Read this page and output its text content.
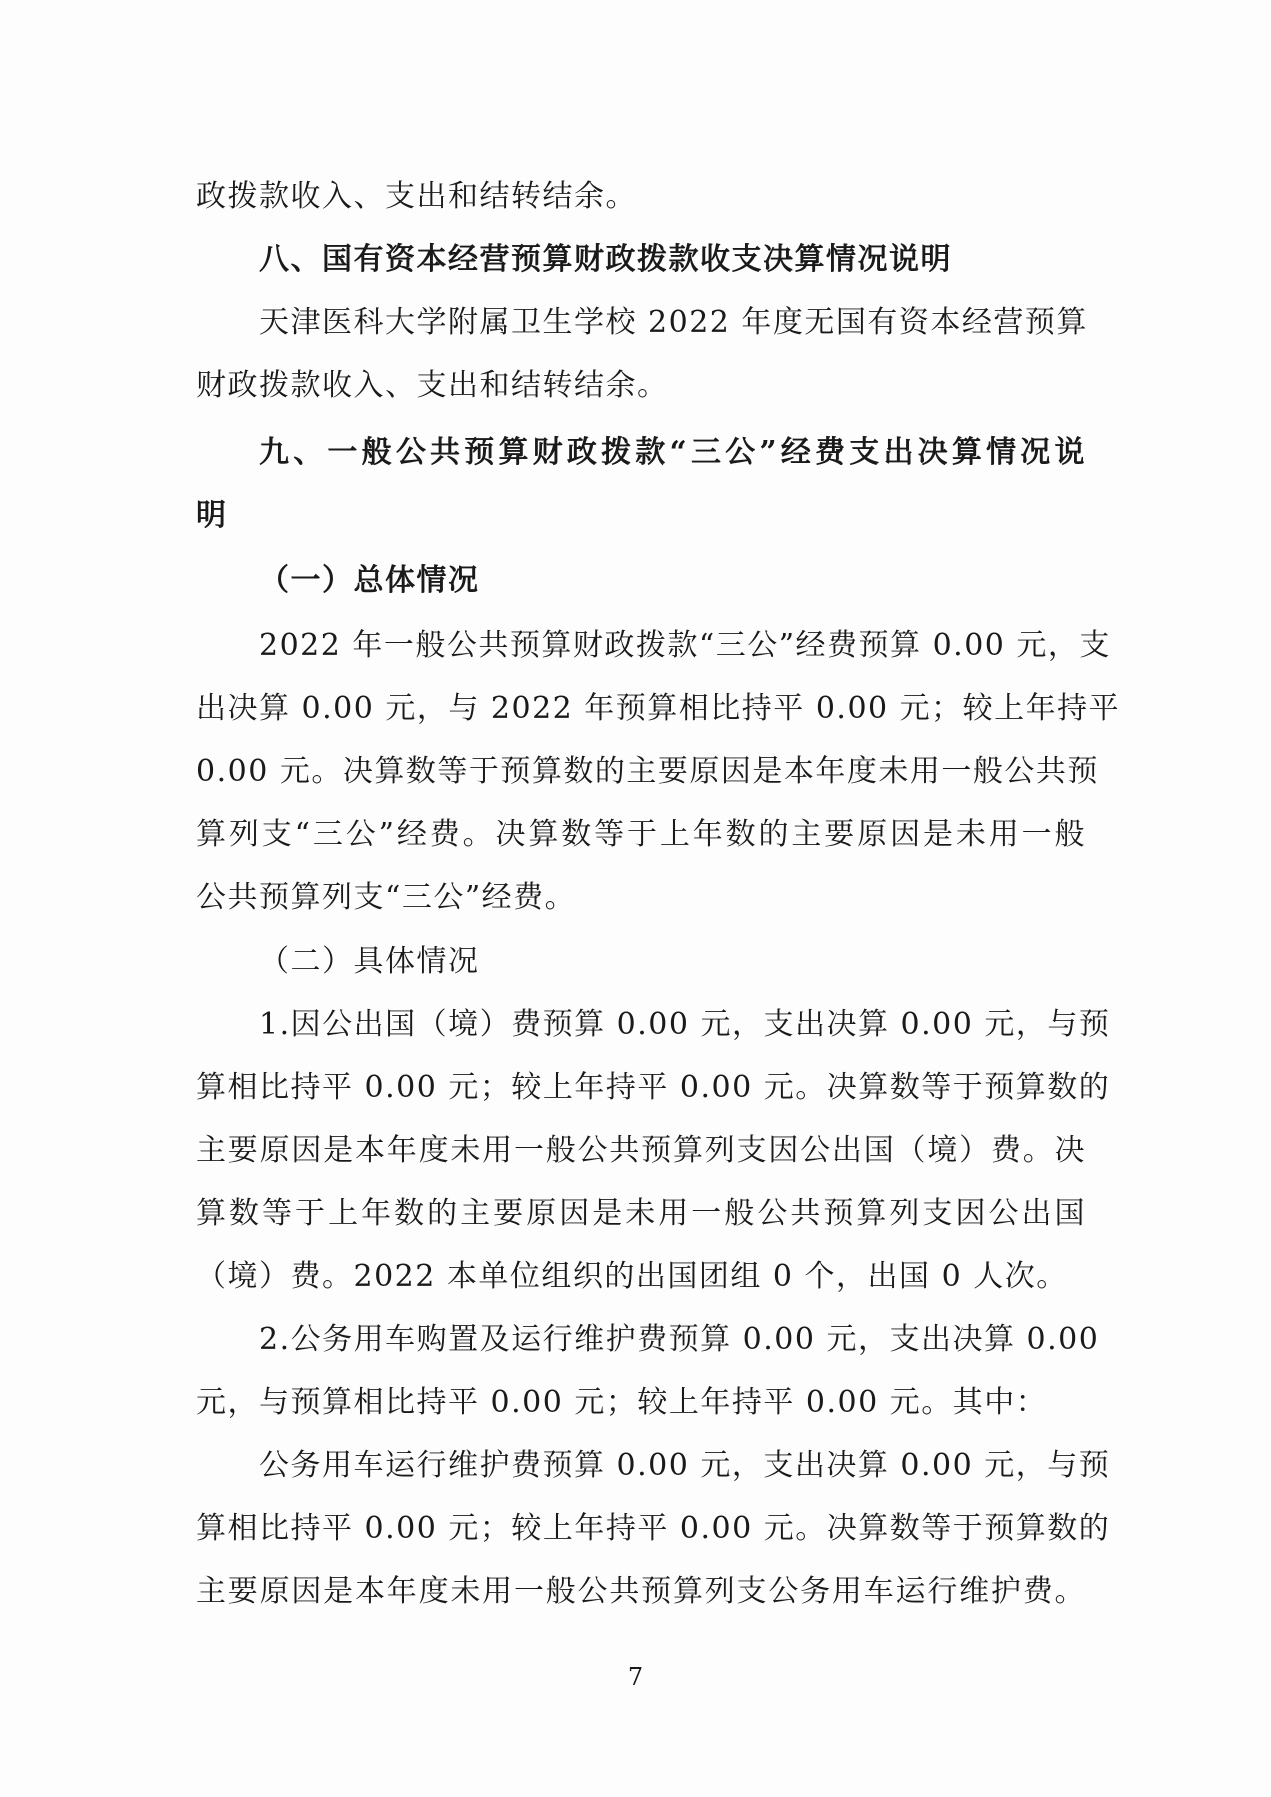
政拨款收入、支出和结转结余。
八、国有资本经营预算财政拨款收支决算情况说明
天津医科大学附属卫生学校 2022 年度无国有资本经营预算
财政拨款收入、支出和结转结余。
九、一般公共预算财政拨款“三公”经费支出决算情况说
明
（一）总体情况
2022 年一般公共预算财政拨款“三公”经费预算 0.00 元，支
出决算 0.00 元，与 2022 年预算相比持平 0.00 元；较上年持平
0.00 元。决算数等于预算数的主要原因是本年度未用一般公共预
算列支“三公”经费。决算数等于上年数的主要原因是未用一般
公共预算列支“三公”经费。
（二）具体情况
1.因公出国（境）费预算 0.00 元，支出决算 0.00 元，与预
算相比持平 0.00 元；较上年持平 0.00 元。决算数等于预算数的
主要原因是本年度未用一般公共预算列支因公出国（境）费。决
算数等于上年数的主要原因是未用一般公共预算列支因公出国
（境）费。2022 本单位组织的出国团组 0 个，出国 0 人次。
2.公务用车购置及运行维护费预算 0.00 元，支出决算 0.00
元，与预算相比持平 0.00 元；较上年持平 0.00 元。其中：
公务用车运行维护费预算 0.00 元，支出决算 0.00 元，与预
算相比持平 0.00 元；较上年持平 0.00 元。决算数等于预算数的
主要原因是本年度未用一般公共预算列支公务用车运行维护费。
7
